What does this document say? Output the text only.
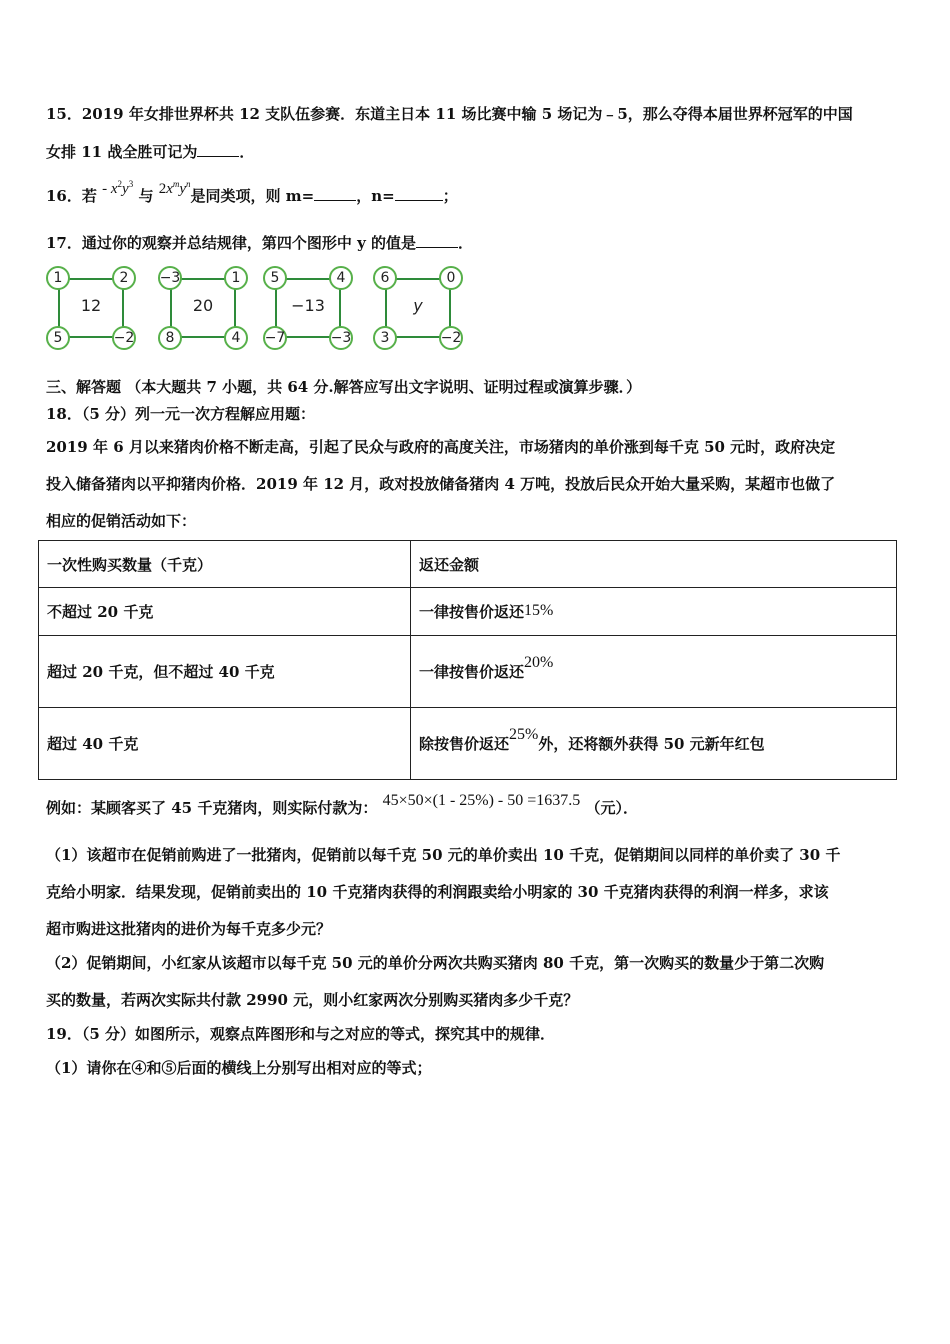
15．2019 年女排世界杯共 12 支队伍参赛．东道主日本 11 场比赛中输 5 场记为﹣5，那么夺得本届世界杯冠军的中国
女排 11 战全胜可记为	．
16．若 - $x^2y^3$ 与 $2x^my^n$是同类项，则 m=	，n=	；
17．通过你的观察并总结规律，第四个图形中 y 的值是	．
1	2
5	−2
12
−3	1
8	4
20
5	4
−7	−3
−13
6	0
3	−2
y
三、解答题 （本大题共 7 小题，共 64 分.解答应写出文字说明、证明过程或演算步骤．）
18．（5 分）列一元一次方程解应用题：
2019 年 6 月以来猪肉价格不断走高，引起了民众与政府的高度关注，市场猪肉的单价涨到每千克 50 元时，政府决定
投入储备猪肉以平抑猪肉价格．2019 年 12 月，政对投放储备猪肉 4 万吨，投放后民众开始大量采购，某超市也做了
相应的促销活动如下：
一次性购买数量（千克）	返还金额
不超过 20 千克	一律按售价返还15%
超过 20 千克，但不超过 40 千克	一律按售价返还20%
超过 40 千克	除按售价返还25%外，还将额外获得 50 元新年红包
例如：某顾客买了 45 千克猪肉，则实际付款为： 45×50×(1 - 25%) - 50 =1637.5 （元）．
（1）该超市在促销前购进了一批猪肉，促销前以每千克 50 元的单价卖出 10 千克，促销期间以同样的单价卖了 30 千
克给小明家．结果发现，促销前卖出的 10 千克猪肉获得的利润跟卖给小明家的 30 千克猪肉获得的利润一样多，求该
超市购进这批猪肉的进价为每千克多少元？
（2）促销期间，小红家从该超市以每千克 50 元的单价分两次共购买猪肉 80 千克，第一次购买的数量少于第二次购
买的数量，若两次实际共付款 2990 元，则小红家两次分别购买猪肉多少千克？
19．（5 分）如图所示，观察点阵图形和与之对应的等式，探究其中的规律．
（1）请你在④和⑤后面的横线上分别写出相对应的等式；
